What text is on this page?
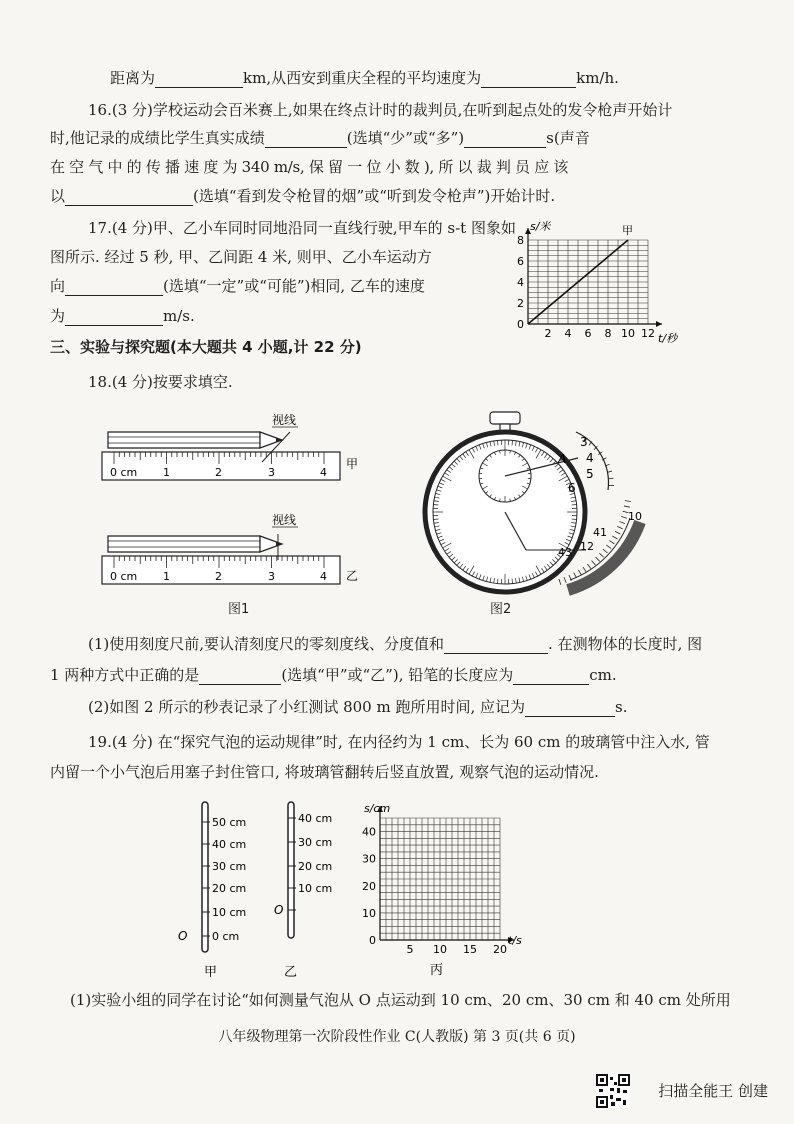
距离为	km,从西安到重庆全程的平均速度为	km/h.
16.(3 分)学校运动会百米赛上,如果在终点计时的裁判员,在听到起点处的发令枪声开始计
时,他记录的成绩比学生真实成绩	(选填“少”或“多”)	s(声音
在 空 气 中 的 传 播 速 度 为 340 m/s, 保 留 一 位 小 数 ), 所 以 裁 判 员 应 该
以	(选填“看到发令枪冒的烟”或“听到发令枪声”)开始计时.
17.(4 分)甲、乙小车同时同地沿同一直线行驶,甲车的 s-t 图象如
图所示. 经过 5 秒, 甲、乙间距 4 米, 则甲、乙小车运动方
向	(选填“一定”或“可能”)相同, 乙车的速度
为	m/s.
2 4 6 8 10 12
0
2
4
6
8
s/米
t/秒
甲
三、实验与探究题(本大题共 4 小题,计 22 分)
18.(4 分)按要求填空.
0 cm 1	2	3	4
视线
甲
0 cm 1	2	3	4
视线
乙
图1
3
4
5
6
A
10
41
12
43
图2
(1)使用刻度尺前,要认清刻度尺的零刻度线、分度值和	. 在测物体的长度时, 图
1 两种方式中正确的是	(选填“甲”或“乙”), 铅笔的长度应为	cm.
(2)如图 2 所示的秒表记录了小红测试 800 m 跑所用时间, 应记为	s.
19.(4 分) 在“探究气泡的运动规律”时, 在内径约为 1 cm、长为 60 cm 的玻璃管中注入水, 管
内留一个小气泡后用塞子封住管口, 将玻璃管翻转后竖直放置, 观察气泡的运动情况.
50 cm
40 cm
30 cm
20 cm
10 cm
0 cm
O
40 cm
30 cm
20 cm
10 cm
O
甲	乙
5 10 15 20
0
10
20
30
40
s/cm
t/s
丙
(1)实验小组的同学在讨论“如何测量气泡从 O 点运动到 10 cm、20 cm、30 cm 和 40 cm 处所用
八年级物理第一次阶段性作业 C(人教版) 第 3 页(共 6 页)
扫描全能王 创建
